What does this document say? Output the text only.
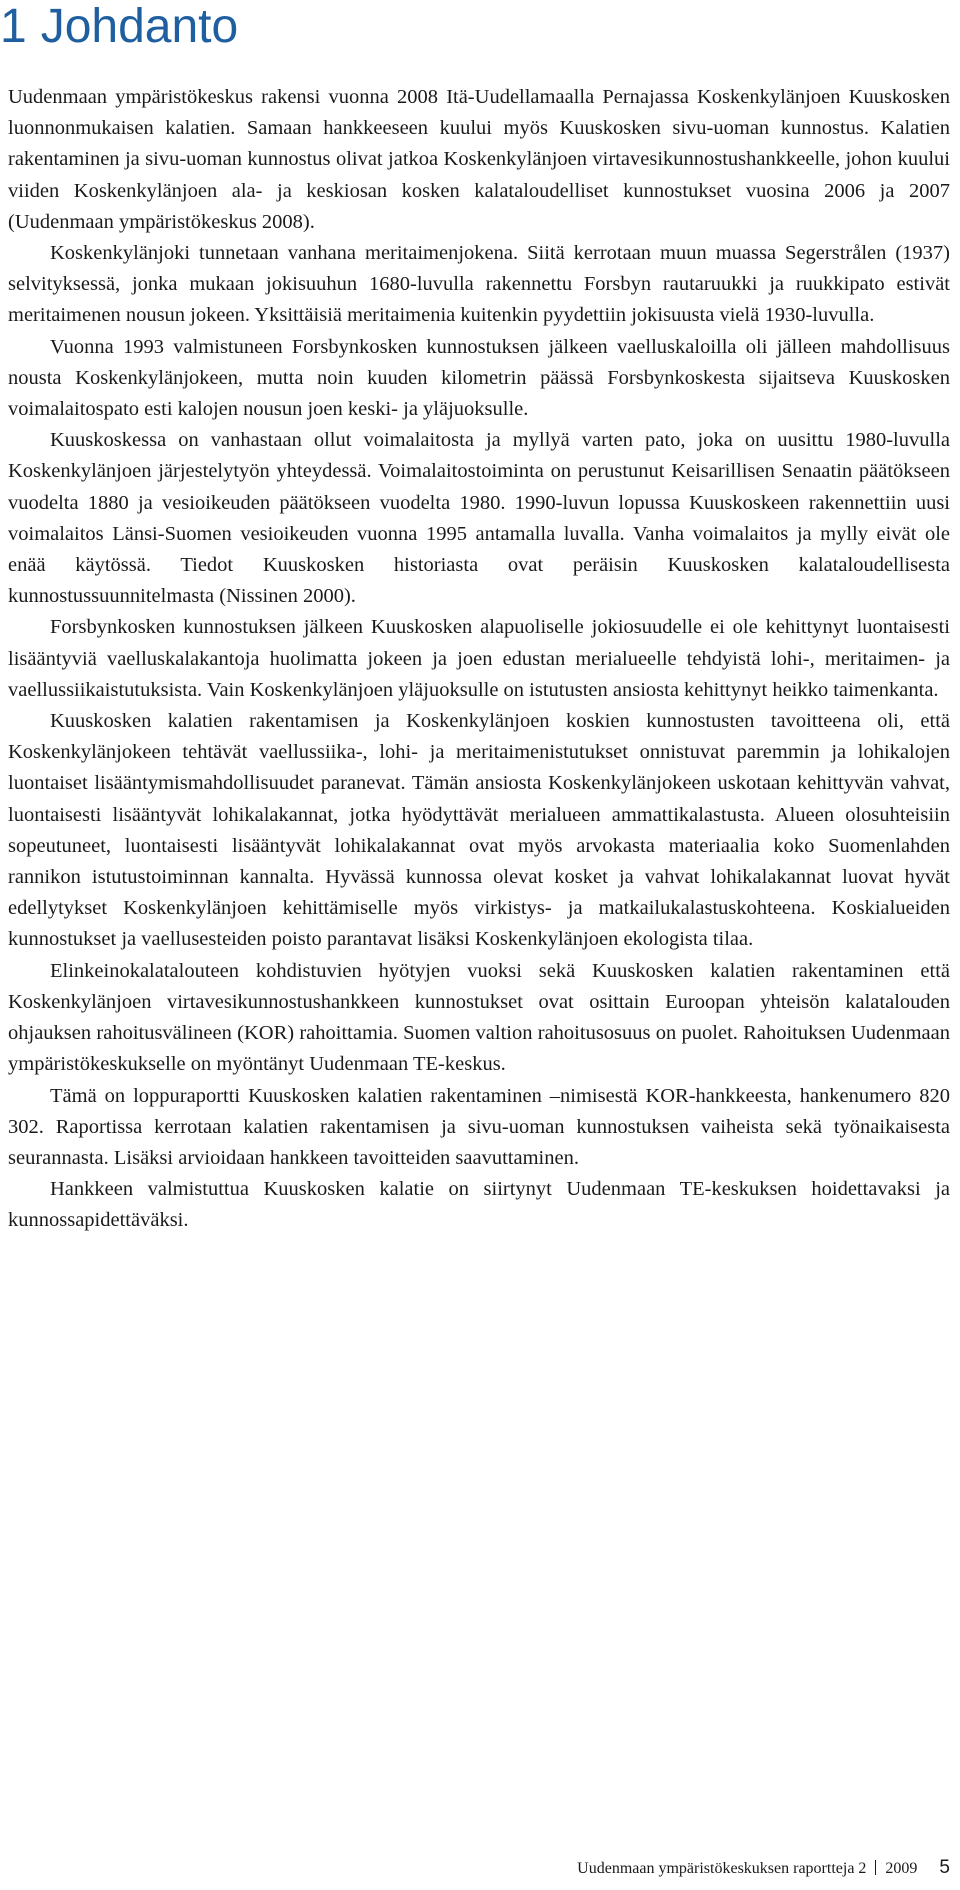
1 Johdanto

Uudenmaan ympäristökeskus rakensi vuonna 2008 Itä-Uudellamaalla Pernajassa Koskenkylänjoen Kuuskosken luonnonmukaisen kalatien. Samaan hankkeeseen kuului myös Kuuskosken sivu-uoman kunnostus. Kalatien rakentaminen ja sivu-uoman kunnostus olivat jatkoa Koskenkylänjoen virtavesikunnostushankkeelle, johon kuului viiden Koskenkylänjoen ala- ja keskiosan kosken kalataloudelliset kunnostukset vuosina 2006 ja 2007 (Uudenmaan ympäristökeskus 2008).

Koskenkylänjoki tunnetaan vanhana meritaimenjokena. Siitä kerrotaan muun muassa Segerstrålen (1937) selvityksessä, jonka mukaan jokisuuhun 1680-luvulla rakennettu Forsbyn rautaruukki ja ruukkipato estivät meritaimenen nousun jokeen. Yksittäisiä meritaimenia kuitenkin pyydettiin jokisuusta vielä 1930-luvulla.

Vuonna 1993 valmistuneen Forsbynkosken kunnostuksen jälkeen vaelluskaloilla oli jälleen mahdollisuus nousta Koskenkylänjokeen, mutta noin kuuden kilometrin päässä Forsbynkoskesta sijaitseva Kuuskosken voimalaitospato esti kalojen nousun joen keski- ja yläjuoksulle.

Kuuskoskessa on vanhastaan ollut voimalaitosta ja myllyä varten pato, joka on uusittu 1980-luvulla Koskenkylänjoen järjestelytyön yhteydessä. Voimalaitostoiminta on perustunut Keisarillisen Senaatin päätökseen vuodelta 1880 ja vesioikeuden päätökseen vuodelta 1980. 1990-luvun lopussa Kuuskoskeen rakennettiin uusi voimalaitos Länsi-Suomen vesioikeuden vuonna 1995 antamalla luvalla. Vanha voimalaitos ja mylly eivät ole enää käytössä. Tiedot Kuuskosken historiasta ovat peräisin Kuuskosken kalataloudellisesta kunnostussuunnitelmasta (Nissinen 2000).

Forsbynkosken kunnostuksen jälkeen Kuuskosken alapuoliselle jokiosuudelle ei ole kehittynyt luontaisesti lisääntyviä vaelluskalakantoja huolimatta jokeen ja joen edustan merialueelle tehdyistä lohi-, meritaimen- ja vaellussiikaistutuksista. Vain Koskenkylänjoen yläjuoksulle on istutusten ansiosta kehittynyt heikko taimenkanta.

Kuuskosken kalatien rakentamisen ja Koskenkylänjoen koskien kunnostusten tavoitteena oli, että Koskenkylänjokeen tehtävät vaellussiika-, lohi- ja meritaimenistutukset onnistuvat paremmin ja lohikalojen luontaiset lisääntymismahdollisuudet paranevat. Tämän ansiosta Koskenkylänjokeen uskotaan kehittyvän vahvat, luontaisesti lisääntyvät lohikalakannat, jotka hyödyttävät merialueen ammattikalastusta. Alueen olosuhteisiin sopeutuneet, luontaisesti lisääntyvät lohikalakannat ovat myös arvokasta materiaalia koko Suomenlahden rannikon istutustoiminnan kannalta. Hyvässä kunnossa olevat kosket ja vahvat lohikalakannat luovat hyvät edellytykset Koskenkylänjoen kehittämiselle myös virkistys- ja matkailukalastuskohteena. Koskialueiden kunnostukset ja vaellusesteiden poisto parantavat lisäksi Koskenkylänjoen ekologista tilaa.

Elinkeinokalatalouteen kohdistuvien hyötyjen vuoksi sekä Kuuskosken kalatien rakentaminen että Koskenkylänjoen virtavesikunnostushankkeen kunnostukset ovat osittain Euroopan yhteisön kalatalouden ohjauksen rahoitusvälineen (KOR) rahoittamia. Suomen valtion rahoitusosuus on puolet. Rahoituksen Uudenmaan ympäristökeskukselle on myöntänyt Uudenmaan TE-keskus.

Tämä on loppuraportti Kuuskosken kalatien rakentaminen –nimisestä KOR-hankkeesta, hankenumero 820 302. Raportissa kerrotaan kalatien rakentamisen ja sivu-uoman kunnostuksen vaiheista sekä työnaikaisesta seurannasta. Lisäksi arvioidaan hankkeen tavoitteiden saavuttaminen.

Hankkeen valmistuttua Kuuskosken kalatie on siirtynyt Uudenmaan TE-keskuksen hoidettavaksi ja kunnossapidettäväksi.

Uudenmaan ympäristökeskuksen raportteja 2 2009 5
